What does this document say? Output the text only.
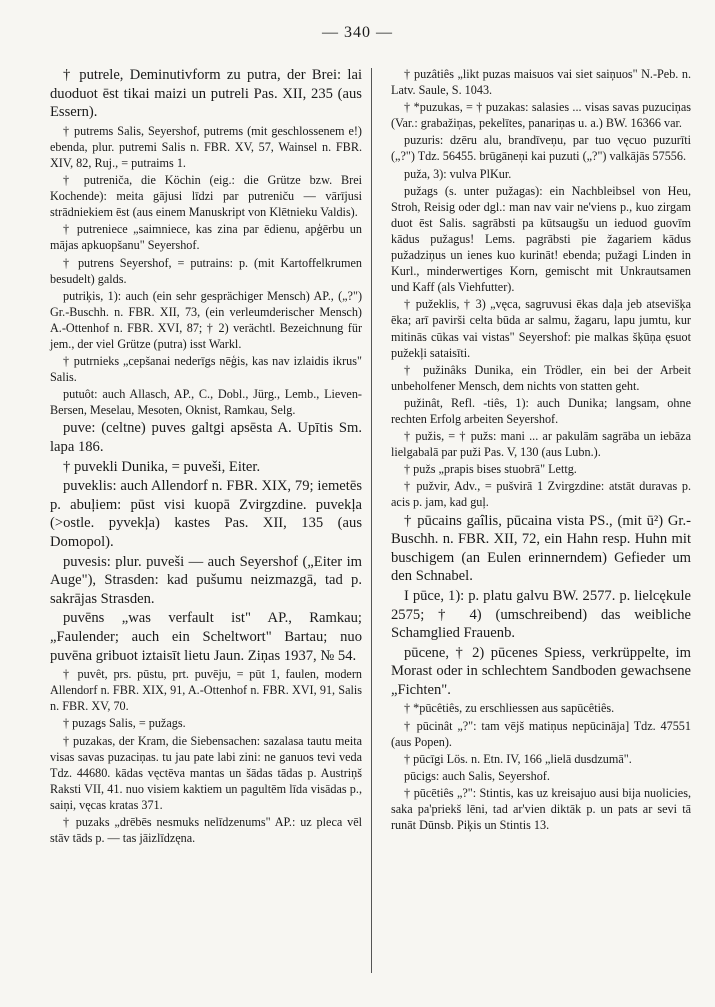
— 340 —

† putrele, Deminutivform zu putra, der Brei: lai duoduot ēst tikai maizi un putreli Pas. XII, 235 (aus Essern).

† putrems Salis, Seyershof, putrems (mit geschlossenem e!) ebenda, plur. putremi Salis n. FBR. XV, 57, Wainsel n. FBR. XIV, 82, Ruj., = putraims 1.

† putreniča, die Köchin (eig.: die Grütze bzw. Brei Kochende): meita gājusi līdzi par putreniču — vārījusi strādniekiem ēst (aus einem Manuskript von Klētnieku Valdis).

† putreniece „saimniece, kas zina par ēdienu, apģērbu un mājas apkuopšanu" Seyershof.

† putrens Seyershof, = putrains: p. (mit Kartoffelkrumen besudelt) galds.

putriķis, 1): auch (ein sehr gesprächiger Mensch) AP., („?") Gr.-Buschh. n. FBR. XII, 73, (ein verleumderischer Mensch) A.-Ottenhof n. FBR. XVI, 87; † 2) verächtl. Bezeichnung für jem., der viel Grütze (putra) isst Warkl.

† putrnieks „cepšanai nederīgs nēģis, kas nav izlaidis ikrus" Salis.

putuôt: auch Allasch, AP., C., Dobl., Jürg., Lemb., Lieven-Bersen, Meselau, Mesoten, Oknist, Ramkau, Selg.

puve: (celtne) puves galtgi apsēsta A. Upītis Sm. lapa 186.

† puvekli Dunika, = puveši, Eiter.

puveklis: auch Allendorf n. FBR. XIX, 79; iemetēs p. abuļiem: pūst visi kuopā Zvirgzdine. puvekļa (>ostle. pyvekļa) kastes Pas. XII, 135 (aus Domopol).

puvesis: plur. puveši — auch Seyershof („Eiter im Auge"), Strasden: kad pušumu neizmazgā, tad p. sakrājas Strasden.

puvēns „was verfault ist" AP., Ramkau; „Faulender; auch ein Scheltwort" Bartau; nuo puvēna gribuot iztaisīt lietu Jaun. Ziņas 1937, № 54.

† puvêt, prs. pūstu, prt. puvēju, = pūt 1, faulen, modern Allendorf n. FBR. XIX, 91, A.-Ottenhof n. FBR. XVI, 91, Salis n. FBR. XV, 70.

† puzags Salis, = pužags.

† puzakas, der Kram, die Siebensachen: sazalasa tautu meita visas savas puzaciņas. tu jau pate labi zini: ne ganuos tevi veda Tdz. 44680. kādas vęctēva mantas un šādas tādas p. Austriņš Raksti VII, 41. nuo visiem kaktiem un pagultēm līda visādas p., saiņi, vęcas kratas 371.

† puzaks „drēbēs nesmuks nelīdzenums" AP.: uz pleca vēl stāv tāds p. — tas jāizlīdzęna.

† puzâtiês „likt puzas maisuos vai siet saiņuos" N.-Peb. n. Latv. Saule, S. 1043.

† *puzukas, = † puzakas: salasies ... visas savas puzuciņas (Var.: grabažiņas, pekelītes, panariņas u. a.) BW. 16366 var.

puzuris: dzēru alu, brandīveņu, par tuo vęcuo puzurīti („?") Tdz. 56455. brūgāneņi kai puzuti („?") valkājās 57556.

puža, 3): vulva PlKur.

pužags (s. unter pužagas): ein Nachbleibsel von Heu, Stroh, Reisig oder dgl.: man nav vair ne'viens p., kuo zirgam duot ēst Salis. sagrābsti pa kūtsaugšu un ieduod guovīm kādus pužagus! Lems. pagrābsti pie žagariem kādus pužadziņus un ienes kuo kurināt! ebenda; pužagi Linden in Kurl., minderwertiges Korn, gemischt mit Unkrautsamen und Kaff (als Viehfutter).

† pužeklis, † 3) „vęca, sagruvusi ēkas daļa jeb atsevišķa ēka; arī pavirši celta būda ar salmu, žagaru, lapu jumtu, kur mitinās cūkas vai vistas" Seyershof: pie malkas šķūņa ęsuot pužekļi sataisīti.

† pužinâks Dunika, ein Trödler, ein bei der Arbeit unbeholfener Mensch, dem nichts von statten geht.

pužinât, Refl. -tiês, 1): auch Dunika; langsam, ohne rechten Erfolg arbeiten Seyershof.

† pužis, = † pužs: mani ... ar pakulām sagrāba un iebāza lielgabalā par puži Pas. V, 130 (aus Lubn.).

† pužs „prapis bises stuobrā" Lettg.

† pužvir, Adv., = pušvirā 1 Zvirgzdine: atstāt duravas p. acis p. jam, kad guļ.

† pūcains gaîlis, pūcaina vista PS., (mit ū²) Gr.-Buschh. n. FBR. XII, 72, ein Hahn resp. Huhn mit buschigem (an Eulen erinnerndem) Gefieder um den Schnabel.

I pūce, 1): p. platu galvu BW. 2577. p. lielcękule 2575; † 4) (umschreibend) das weibliche Schamglied Frauenb.

pūcene, † 2) pūcenes Spiess, verkrüppelte, im Morast oder in schlechtem Sandboden gewachsene „Fichten".

† *pūcêtiês, zu erschliessen aus sapūcêtiês.

† pūcinât „?": tam vējš matiņus nepūcināja] Tdz. 47551 (aus Popen).

† pūcīgi Lös. n. Etn. IV, 166 „lielā dusdzumā".

pūcigs: auch Salis, Seyershof.

† pūcētiês „?": Stintis, kas uz kreisajuo ausi bija nuolicies, saka pa'priekš lēni, tad ar'vien diktāk p. un pats ar sevi tā runāt Dūnsb. Piķis un Stintis 13.
